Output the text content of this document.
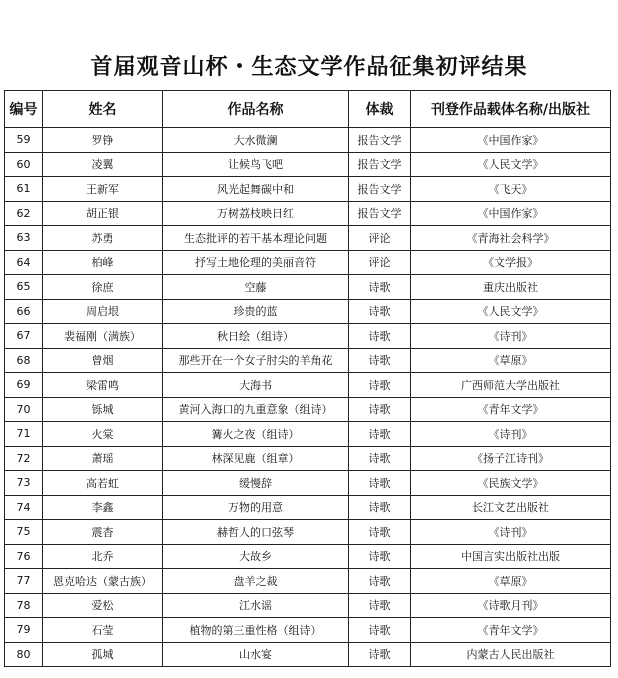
首届观音山杯・生态文学作品征集初评结果
编号	姓名	作品名称	体裁	刊登作品载体名称/出版社
59	罗铮	大水微澜	报告文学	《中国作家》
60	凌翼	让候鸟飞吧	报告文学	《人民文学》
61	王新军	风光起舞碳中和	报告文学	《飞天》
62	胡正银	万树荔枝映日红	报告文学	《中国作家》
63	苏勇	生态批评的若干基本理论问题	评论	《青海社会科学》
64	柏峰	抒写土地伦理的美丽音符	评论	《文学报》
65	徐庶	空藤	诗歌	重庆出版社
66	周启垠	珍贵的蓝	诗歌	《人民文学》
67	裴福刚（满族）	秋日绘（组诗）	诗歌	《诗刊》
68	曾烟	那些开在一个女子肘尖的羊角花	诗歌	《草原》
69	梁雷鸣	大海书	诗歌	广西师范大学出版社
70	铄城	黄河入海口的九重意象（组诗）	诗歌	《青年文学》
71	火棠	篝火之夜（组诗）	诗歌	《诗刊》
72	萧瑶	林深见鹿（组章）	诗歌	《扬子江诗刊》
73	高若虹	缓慢辞	诗歌	《民族文学》
74	李鑫	万物的用意	诗歌	长江文艺出版社
75	震杳	赫哲人的口弦琴	诗歌	《诗刊》
76	北乔	大故乡	诗歌	中国言实出版社出版
77	恩克哈达（蒙古族）	盘羊之裁	诗歌	《草原》
78	爱松	江水谣	诗歌	《诗歌月刊》
79	石莹	植物的第三重性格（组诗）	诗歌	《青年文学》
80	孤城	山水宴	诗歌	内蒙古人民出版社
